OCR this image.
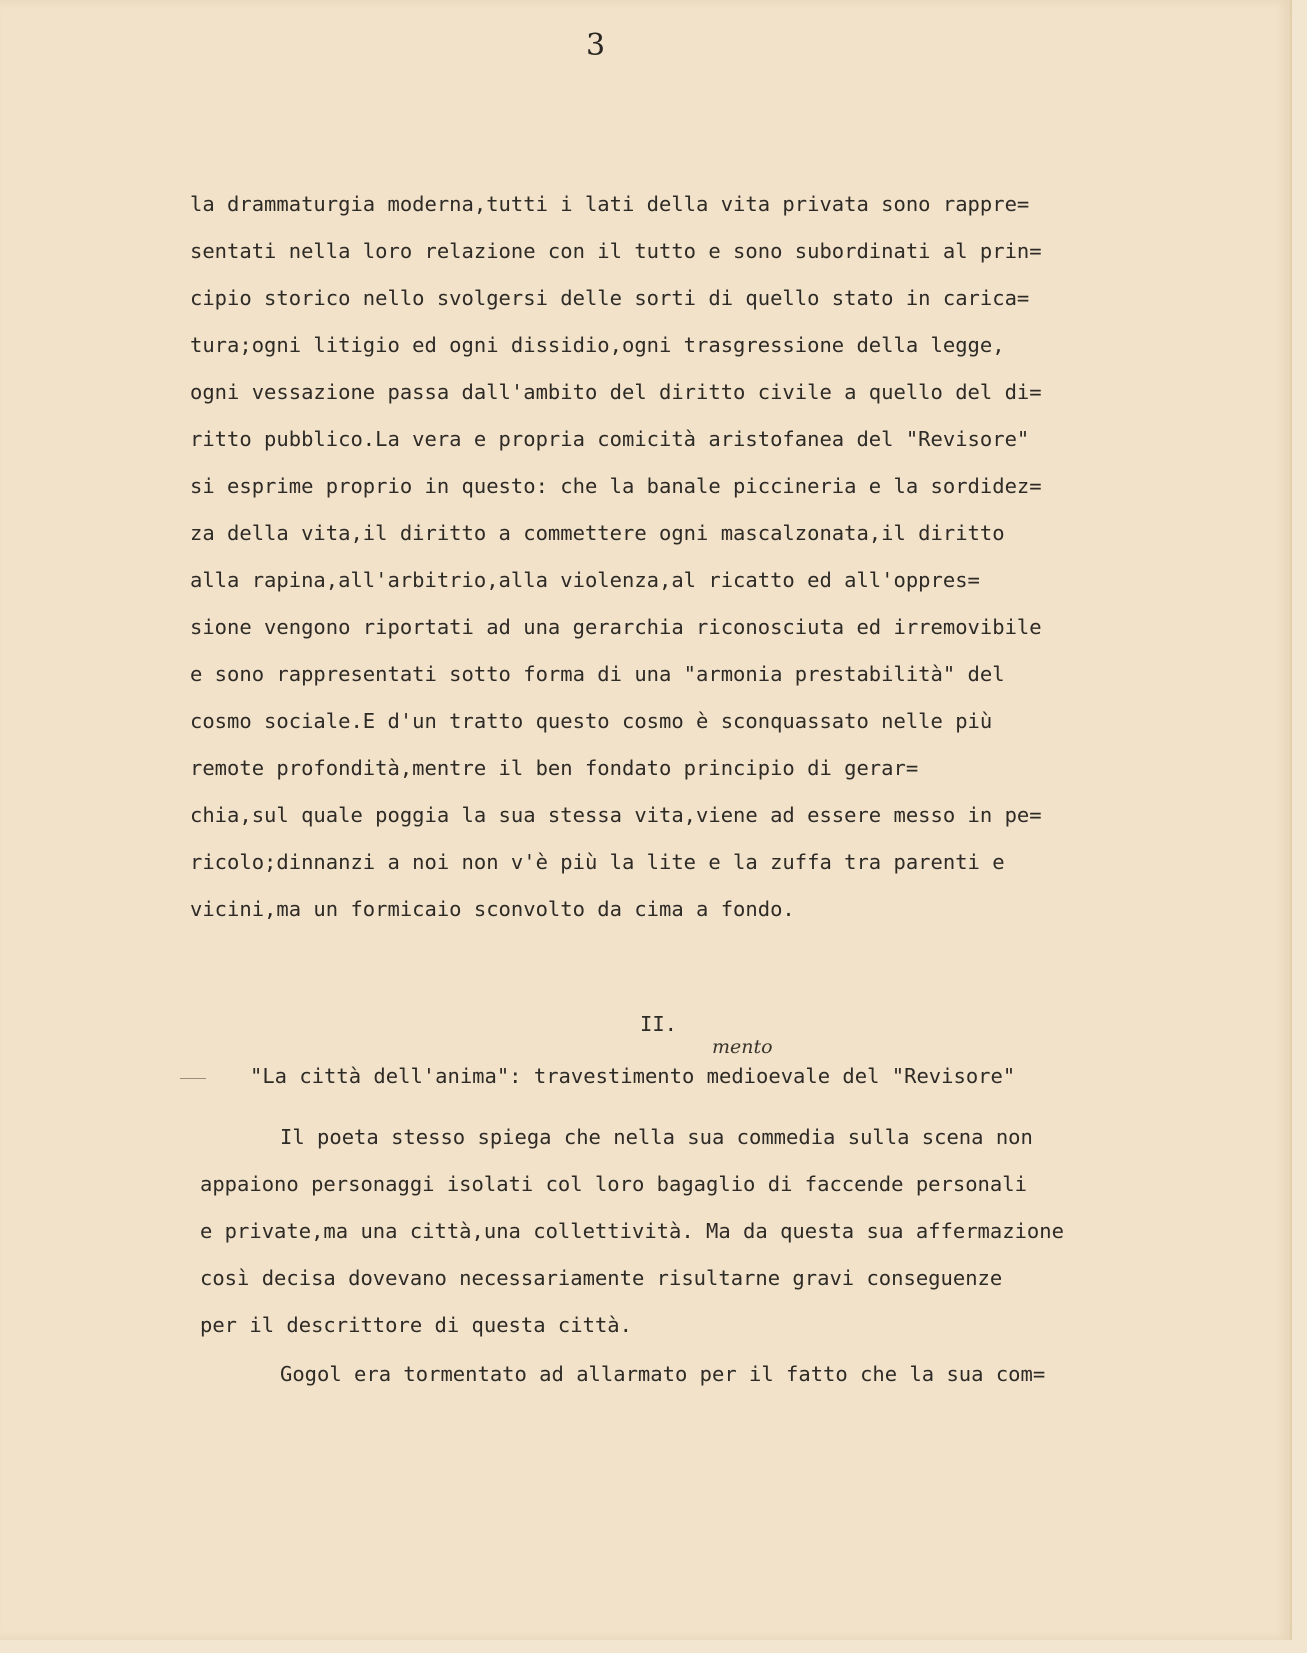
3
la drammaturgia moderna,tutti i lati della vita privata sono rappre=
sentati nella loro relazione con il tutto e sono subordinati al prin=
cipio storico nello svolgersi delle sorti di quello stato in carica=
tura;ogni litigio ed ogni dissidio,ogni trasgressione della legge,
ogni vessazione passa dall'ambito del diritto civile a quello del di=
ritto pubblico.La vera e propria comicità aristofanea del "Revisore"
si esprime proprio in questo: che la banale piccineria e la sordidez=
za della vita,il diritto a commettere ogni mascalzonata,il diritto
alla rapina,all'arbitrio,alla violenza,al ricatto ed all'oppres=
sione vengono riportati ad una gerarchia riconosciuta ed irremovibile
e sono rappresentati sotto forma di una "armonia prestabilità" del
cosmo sociale.E d'un tratto questo cosmo è sconquassato nelle più
remote profondità,mentre il ben fondato principio di gerar=
chia,sul quale poggia la sua stessa vita,viene ad essere messo in pe=
ricolo;dinnanzi a noi non v'è più la lite e la zuffa tra parenti e
vicini,ma un formicaio sconvolto da cima a fondo.
II.
mento
"La città dell'anima": travestimento medioevale del "Revisore"
Il poeta stesso spiega che nella sua commedia sulla scena non
appaiono personaggi isolati col loro bagaglio di faccende personali
e private,ma una città,una collettività. Ma da questa sua affermazione
così decisa dovevano necessariamente risultarne gravi conseguenze
per il descrittore di questa città.
Gogol era tormentato ad allarmato per il fatto che la sua com=
